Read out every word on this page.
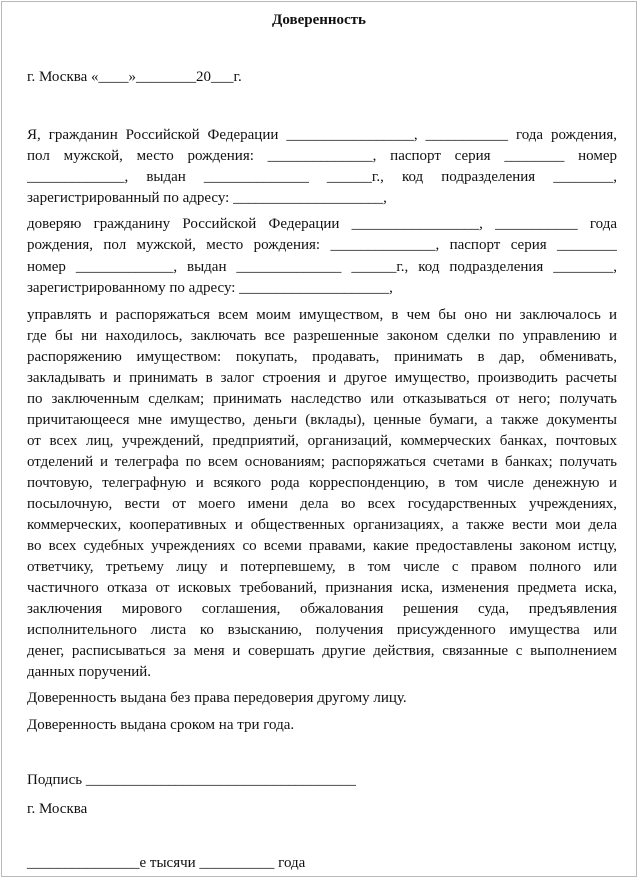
Доверенность
г. Москва «____»________20___г.
Я, гражданин Российской Федерации _________________, ___________ года рождения,
пол мужской, место рождения: ______________, паспорт серия ________ номер
_____________, выдан ______________ ______г., код подразделения ________,
зарегистрированный по адресу: ____________________,
доверяю гражданину Российской Федерации _________________, ___________ года
рождения, пол мужской, место рождения: ______________, паспорт серия ________
номер _____________, выдан ______________ ______г., код подразделения ________,
зарегистрированному по адресу: ____________________,
управлять и распоряжаться всем моим имуществом, в чем бы оно ни заключалось и
где бы ни находилось, заключать все разрешенные законом сделки по управлению и
распоряжению имуществом: покупать, продавать, принимать в дар, обменивать,
закладывать и принимать в залог строения и другое имущество, производить расчеты
по заключенным сделкам; принимать наследство или отказываться от него; получать
причитающееся мне имущество, деньги (вклады), ценные бумаги, а также документы
от всех лиц, учреждений, предприятий, организаций, коммерческих банках, почтовых
отделений и телеграфа по всем основаниям; распоряжаться счетами в банках; получать
почтовую, телеграфную и всякого рода корреспонденцию, в том числе денежную и
посылочную, вести от моего имени дела во всех государственных учреждениях,
коммерческих, кооперативных и общественных организациях, а также вести мои дела
во всех судебных учреждениях со всеми правами, какие предоставлены законом истцу,
ответчику, третьему лицу и потерпевшему, в том числе с правом полного или
частичного отказа от исковых требований, признания иска, изменения предмета иска,
заключения мирового соглашения, обжалования решения суда, предъявления
исполнительного листа ко взысканию, получения присужденного имущества или
денег, расписываться за меня и совершать другие действия, связанные с выполнением
данных поручений.
Доверенность выдана без права передоверия другому лицу.
Доверенность выдана сроком на три года.
Подпись ____________________________________
г. Москва
_______________е тысячи __________ года
